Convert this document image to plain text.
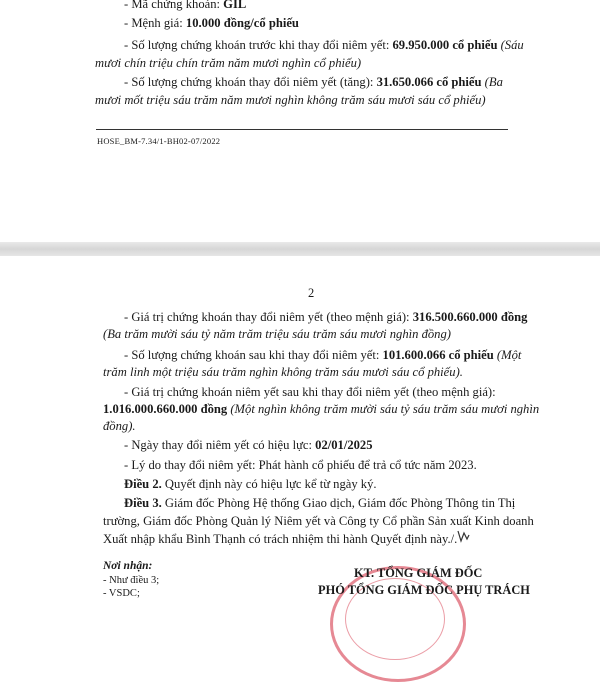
- Mã chứng khoán: GIL
- Mệnh giá: 10.000 đồng/cổ phiếu
- Số lượng chứng khoán trước khi thay đổi niêm yết: 69.950.000 cổ phiếu (Sáu
mươi chín triệu chín trăm năm mươi nghìn cổ phiếu)
- Số lượng chứng khoán thay đổi niêm yết (tăng): 31.650.066 cổ phiếu (Ba
mươi mốt triệu sáu trăm năm mươi nghìn không trăm sáu mươi sáu cổ phiếu)
HOSE_BM-7.34/1-BH02-07/2022
2
- Giá trị chứng khoán thay đổi niêm yết (theo mệnh giá): 316.500.660.000 đồng
(Ba trăm mười sáu tỷ năm trăm triệu sáu trăm sáu mươi nghìn đồng)
- Số lượng chứng khoán sau khi thay đổi niêm yết: 101.600.066 cổ phiếu (Một
trăm linh một triệu sáu trăm nghìn không trăm sáu mươi sáu cổ phiếu).
- Giá trị chứng khoán niêm yết sau khi thay đổi niêm yết (theo mệnh giá):
1.016.000.660.000 đồng (Một nghìn không trăm mười sáu tỷ sáu trăm sáu mươi nghìn
đồng).
- Ngày thay đổi niêm yết có hiệu lực: 02/01/2025
- Lý do thay đổi niêm yết: Phát hành cổ phiếu để trả cổ tức năm 2023.
Điều 2. Quyết định này có hiệu lực kể từ ngày ký.
Điều 3. Giám đốc Phòng Hệ thống Giao dịch, Giám đốc Phòng Thông tin Thị
trường, Giám đốc Phòng Quản lý Niêm yết và Công ty Cổ phần Sản xuất Kinh doanh
Xuất nhập khẩu Bình Thạnh có trách nhiệm thi hành Quyết định này./.
Nơi nhận:
- Như điều 3;
- VSDC;
KT. TỔNG GIÁM ĐỐC
PHÓ TỔNG GIÁM ĐỐC PHỤ TRÁCH
